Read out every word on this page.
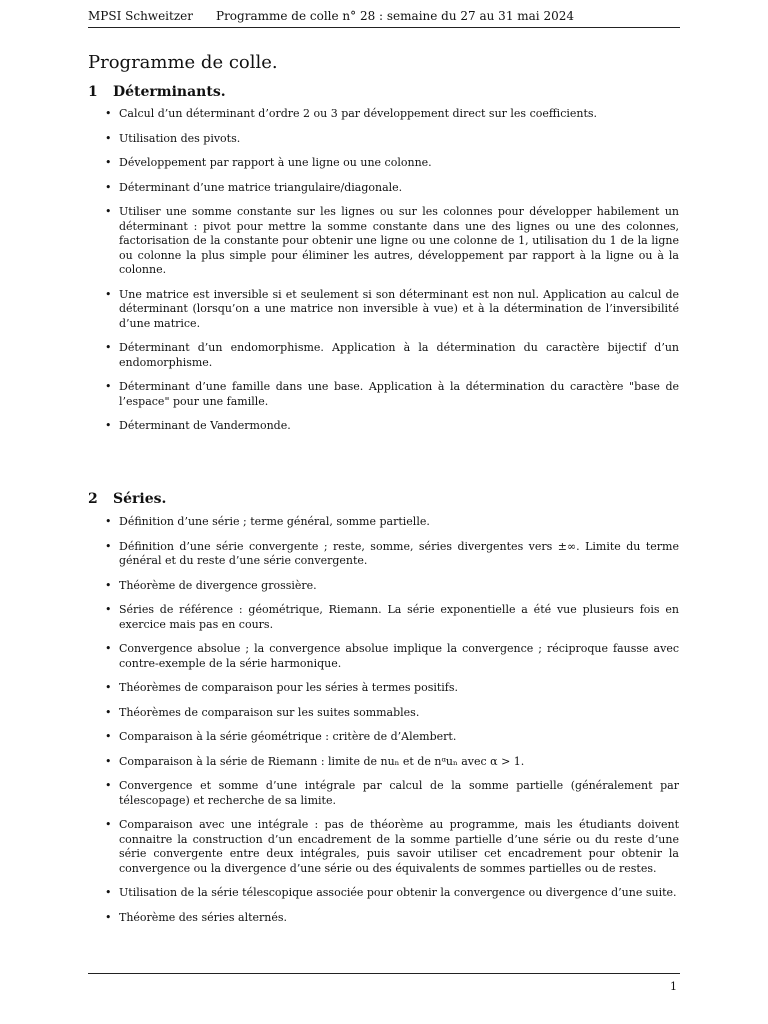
MPSI Schweitzer Programme de colle n° 28 : semaine du 27 au 31 mai 2024
Programme de colle.
1 Déterminants.
• Calcul d’un déterminant d’ordre 2 ou 3 par développement direct sur les coefficients.
• Utilisation des pivots.
• Développement par rapport à une ligne ou une colonne.
• Déterminant d’une matrice triangulaire/diagonale.
• Utiliser une somme constante sur les lignes ou sur les colonnes pour développer habilement un déterminant : pivot pour mettre la somme constante dans une des lignes ou une des colonnes, factorisation de la constante pour obtenir une ligne ou une colonne de 1, utilisation du 1 de la ligne ou colonne la plus simple pour éliminer les autres, développement par rapport à la ligne ou à la colonne.
• Une matrice est inversible si et seulement si son déterminant est non nul. Application au calcul de déterminant (lorsqu’on a une matrice non inversible à vue) et à la détermination de l’inversibilité d’une matrice.
• Déterminant d’un endomorphisme. Application à la détermination du caractère bijectif d’un endomorphisme.
• Déterminant d’une famille dans une base. Application à la détermination du caractère "base de l’espace" pour une famille.
• Déterminant de Vandermonde.
2 Séries.
• Définition d’une série ; terme général, somme partielle.
• Définition d’une série convergente ; reste, somme, séries divergentes vers ±∞. Limite du terme général et du reste d’une série convergente.
• Théorème de divergence grossière.
• Séries de référence : géométrique, Riemann. La série exponentielle a été vue plusieurs fois en exercice mais pas en cours.
• Convergence absolue ; la convergence absolue implique la convergence ; réciproque fausse avec contre-exemple de la série harmonique.
• Théorèmes de comparaison pour les séries à termes positifs.
• Théorèmes de comparaison sur les suites sommables.
• Comparaison à la série géométrique : critère de d’Alembert.
• Comparaison à la série de Riemann : limite de nuₙ et de nᵅuₙ avec α > 1.
• Convergence et somme d’une intégrale par calcul de la somme partielle (généralement par télescopage) et recherche de sa limite.
• Comparaison avec une intégrale : pas de théorème au programme, mais les étudiants doivent connaitre la construction d’un encadrement de la somme partielle d’une série ou du reste d’une série convergente entre deux intégrales, puis savoir utiliser cet encadrement pour obtenir la convergence ou la divergence d’une série ou des équivalents de sommes partielles ou de restes.
• Utilisation de la série télescopique associée pour obtenir la convergence ou divergence d’une suite.
• Théorème des séries alternés.
1
